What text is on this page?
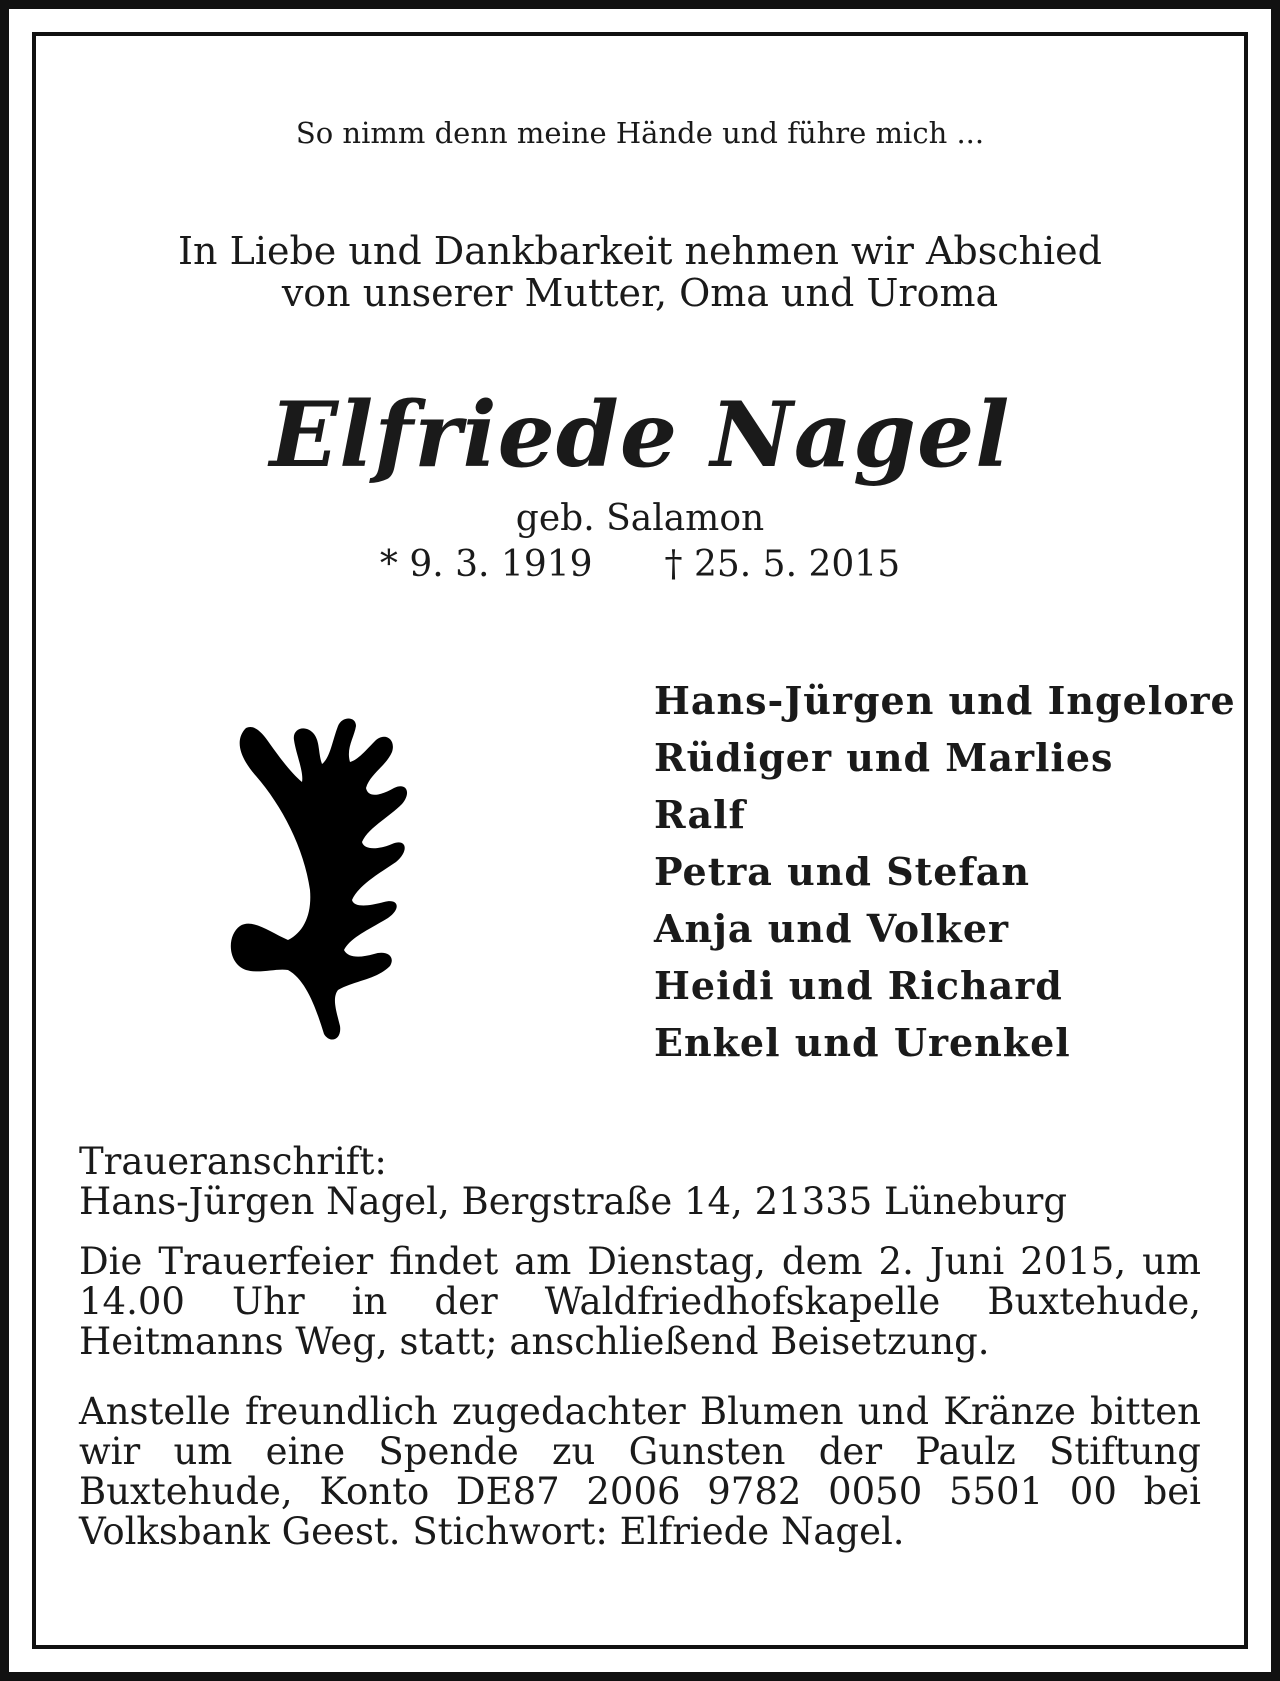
So nimm denn meine Hände und führe mich ...
In Liebe und Dankbarkeit nehmen wir Abschied
von unserer Mutter, Oma und Uroma
Elfriede Nagel
geb. Salamon
* 9. 3. 1919 † 25. 5. 2015
Hans-Jürgen und Ingelore
Rüdiger und Marlies
Ralf
Petra und Stefan
Anja und Volker
Heidi und Richard
Enkel und Urenkel
Traueranschrift:
Hans-Jürgen Nagel, Bergstraße 14, 21335 Lüneburg
Die Trauerfeier findet am Dienstag, dem 2. Juni 2015, um 14.00 Uhr in der Waldfriedhofskapelle Buxtehude, Heitmanns Weg, statt; anschließend Beisetzung.
Anstelle freundlich zugedachter Blumen und Kränze bitten wir um eine Spende zu Gunsten der Paulz Stiftung Buxtehude, Konto DE87 2006 9782 0050 5501 00 bei Volksbank Geest. Stichwort: Elfriede Nagel.
